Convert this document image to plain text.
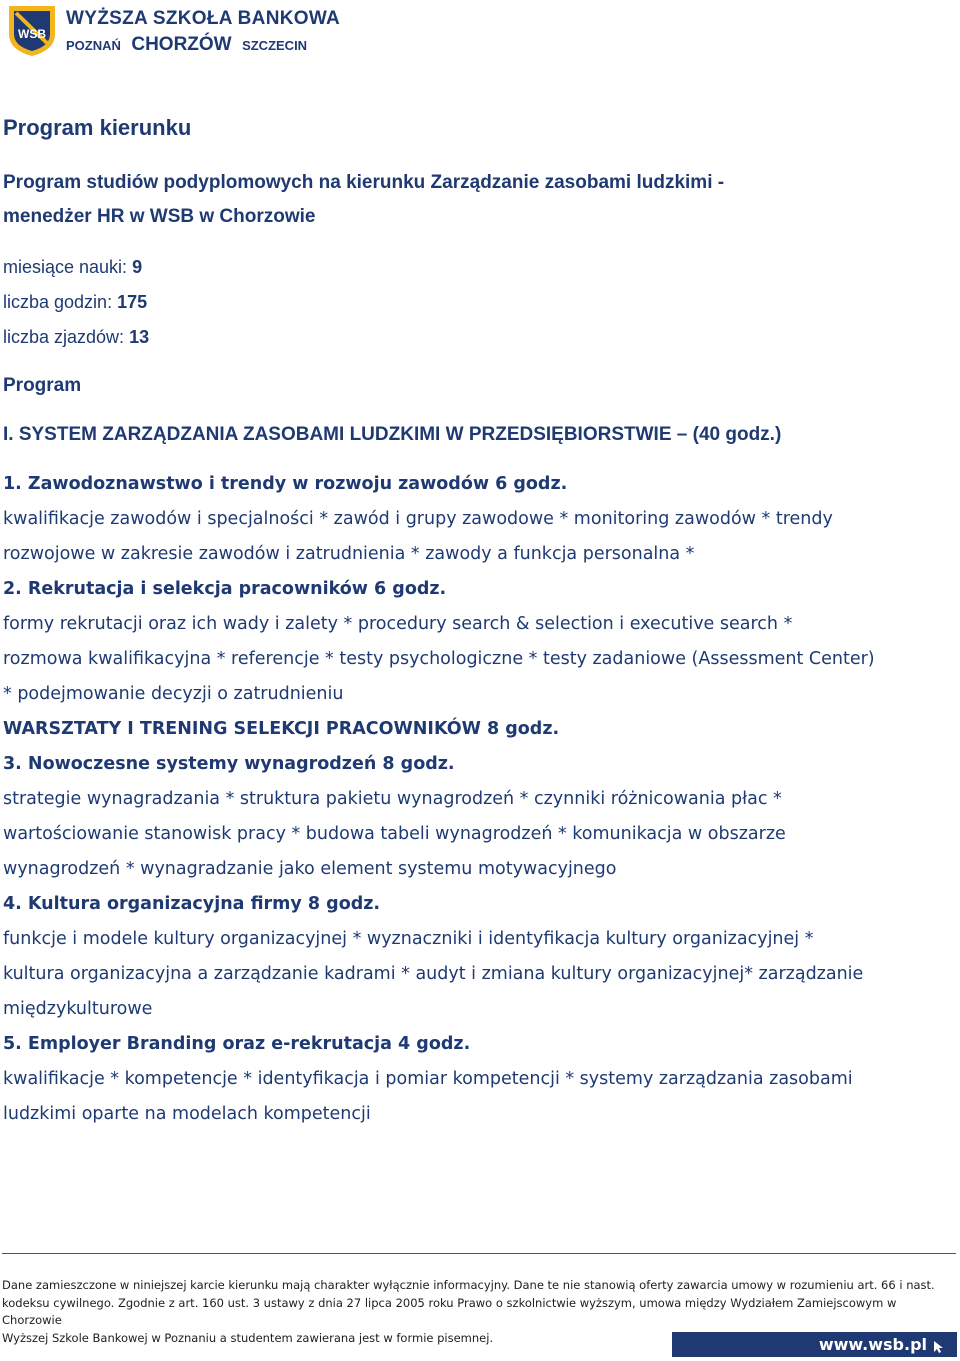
WSB
WYŻSZA SZKOŁA BANKOWA
POZNAŃ CHORZÓW SZCZECIN
Program kierunku
Program studiów podyplomowych na kierunku Zarządzanie zasobami ludzkimi -
menedżer HR w WSB w Chorzowie
miesiące nauki: 9
liczba godzin: 175
liczba zjazdów: 13
Program
I. SYSTEM ZARZĄDZANIA ZASOBAMI LUDZKIMI W PRZEDSIĘBIORSTWIE – (40 godz.)
1. Zawodoznawstwo i trendy w rozwoju zawodów 6 godz.
kwalifikacje zawodów i specjalności * zawód i grupy zawodowe * monitoring zawodów * trendy
rozwojowe w zakresie zawodów i zatrudnienia * zawody a funkcja personalna *
2. Rekrutacja i selekcja pracowników 6 godz.
formy rekrutacji oraz ich wady i zalety * procedury search & selection i executive search *
rozmowa kwalifikacyjna * referencje * testy psychologiczne * testy zadaniowe (Assessment Center)
* podejmowanie decyzji o zatrudnieniu
WARSZTATY I TRENING SELEKCJI PRACOWNIKÓW 8 godz.
3. Nowoczesne systemy wynagrodzeń 8 godz.
strategie wynagradzania * struktura pakietu wynagrodzeń * czynniki różnicowania płac *
wartościowanie stanowisk pracy * budowa tabeli wynagrodzeń * komunikacja w obszarze
wynagrodzeń * wynagradzanie jako element systemu motywacyjnego
4. Kultura organizacyjna firmy 8 godz.
funkcje i modele kultury organizacyjnej * wyznaczniki i identyfikacja kultury organizacyjnej *
kultura organizacyjna a zarządzanie kadrami * audyt i zmiana kultury organizacyjnej* zarządzanie
międzykulturowe
5. Employer Branding oraz e-rekrutacja 4 godz.
kwalifikacje * kompetencje * identyfikacja i pomiar kompetencji * systemy zarządzania zasobami
ludzkimi oparte na modelach kompetencji
Dane zamieszczone w niniejszej karcie kierunku mają charakter wyłącznie informacyjny. Dane te nie stanowią oferty zawarcia umowy w rozumieniu art. 66 i nast.
kodeksu cywilnego. Zgodnie z art. 160 ust. 3 ustawy z dnia 27 lipca 2005 roku Prawo o szkolnictwie wyższym, umowa między Wydziałem Zamiejscowym w Chorzowie
Wyższej Szkole Bankowej w Poznaniu a studentem zawierana jest w formie pisemnej.	www.wsb.pl
